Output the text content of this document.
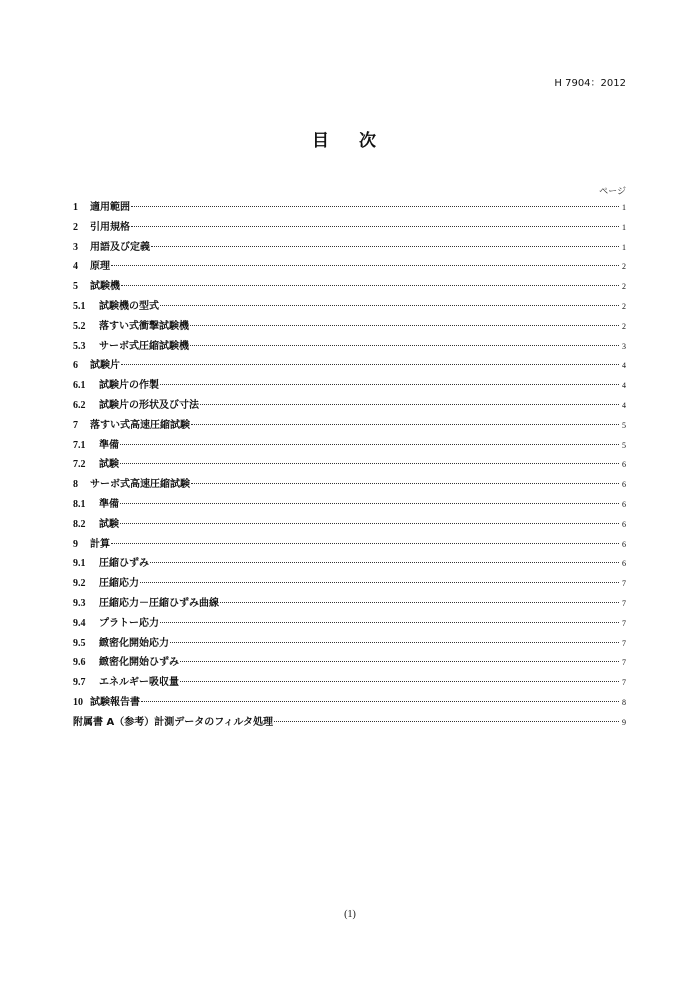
H 7904：2012
目 次
ページ
1	適用範囲	1
2	引用規格	1
3	用語及び定義	1
4	原理	2
5	試験機	2
5.1	試験機の型式	2
5.2	落すい式衝撃試験機	2
5.3	サーボ式圧縮試験機	3
6	試験片	4
6.1	試験片の作製	4
6.2	試験片の形状及び寸法	4
7	落すい式高速圧縮試験	5
7.1	準備	5
7.2	試験	6
8	サーボ式高速圧縮試験	6
8.1	準備	6
8.2	試験	6
9	計算	6
9.1	圧縮ひずみ	6
9.2	圧縮応力	7
9.3	圧縮応力－圧縮ひずみ曲線	7
9.4	プラトー応力	7
9.5	緻密化開始応力	7
9.6	緻密化開始ひずみ	7
9.7	エネルギー吸収量	7
10 試験報告書	8
附属書 A（参考）計測データのフィルタ処理	9
(1)
